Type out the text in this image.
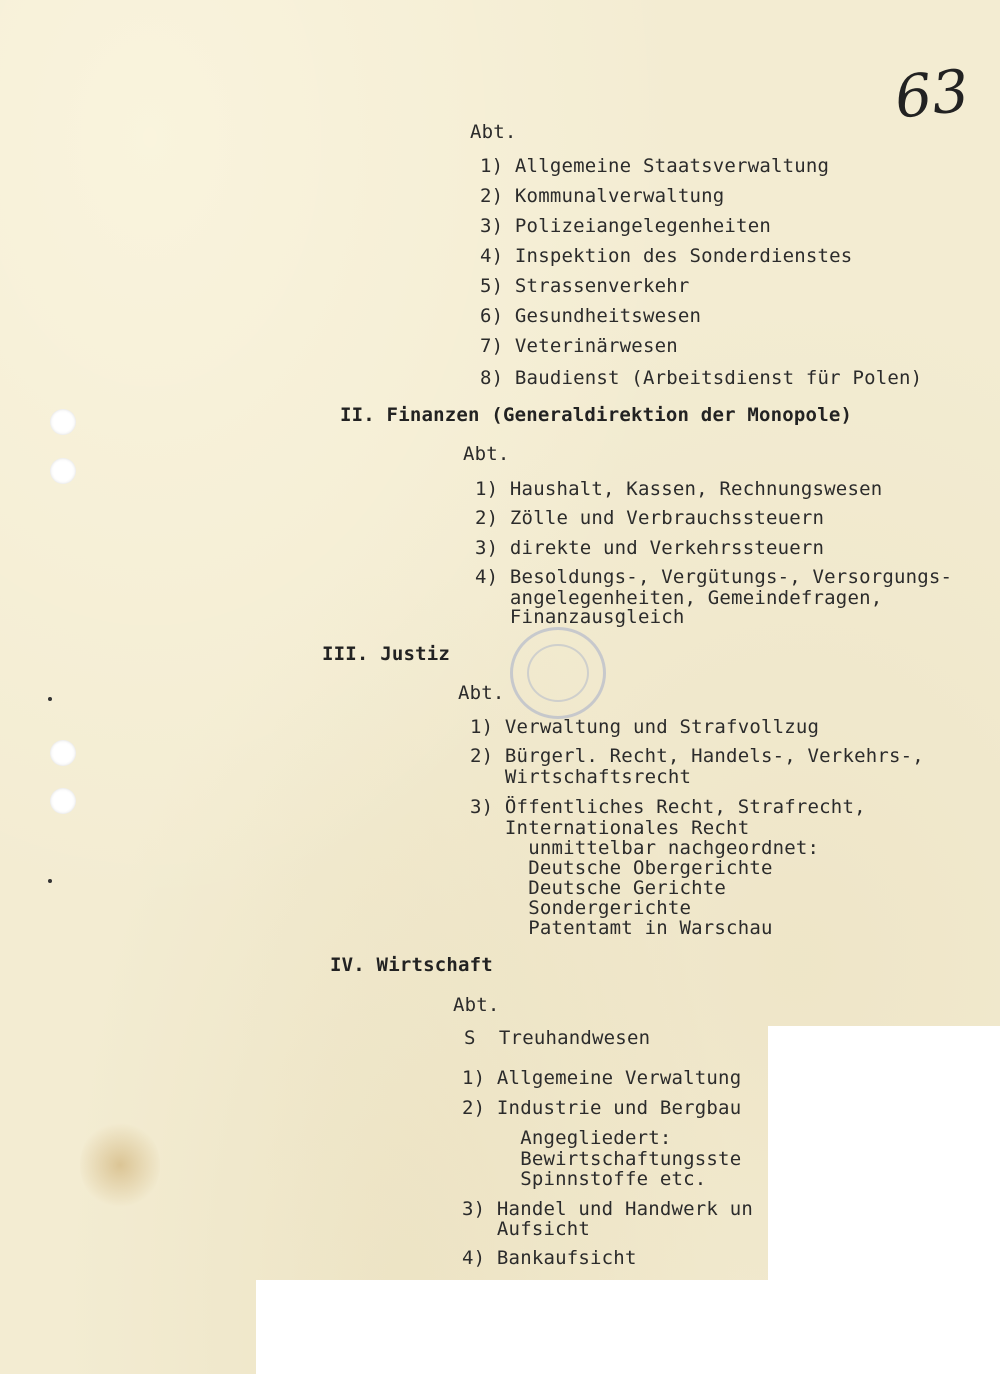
63
Abt.
1) Allgemeine Staatsverwaltung
2) Kommunalverwaltung
3) Polizeiangelegenheiten
4) Inspektion des Sonderdienstes
5) Strassenverkehr
6) Gesundheitswesen
7) Veterinärwesen
8) Baudienst (Arbeitsdienst für Polen)
II. Finanzen (Generaldirektion der Monopole)
Abt.
1) Haushalt, Kassen, Rechnungswesen
2) Zölle und Verbrauchssteuern
3) direkte und Verkehrssteuern
4) Besoldungs-, Vergütungs-, Versorgungs-
angelegenheiten, Gemeindefragen,
Finanzausgleich
III. Justiz
Abt.
1) Verwaltung und Strafvollzug
2) Bürgerl. Recht, Handels-, Verkehrs-,
Wirtschaftsrecht
3) Öffentliches Recht, Strafrecht,
Internationales Recht
unmittelbar nachgeordnet:
Deutsche Obergerichte
Deutsche Gerichte
Sondergerichte
Patentamt in Warschau
IV. Wirtschaft
Abt.
S  Treuhandwesen
1) Allgemeine Verwaltung
2) Industrie und Bergbau
Angegliedert:
Bewirtschaftungsste
Spinnstoffe etc.
3) Handel und Handwerk un
Aufsicht
4) Bankaufsicht
